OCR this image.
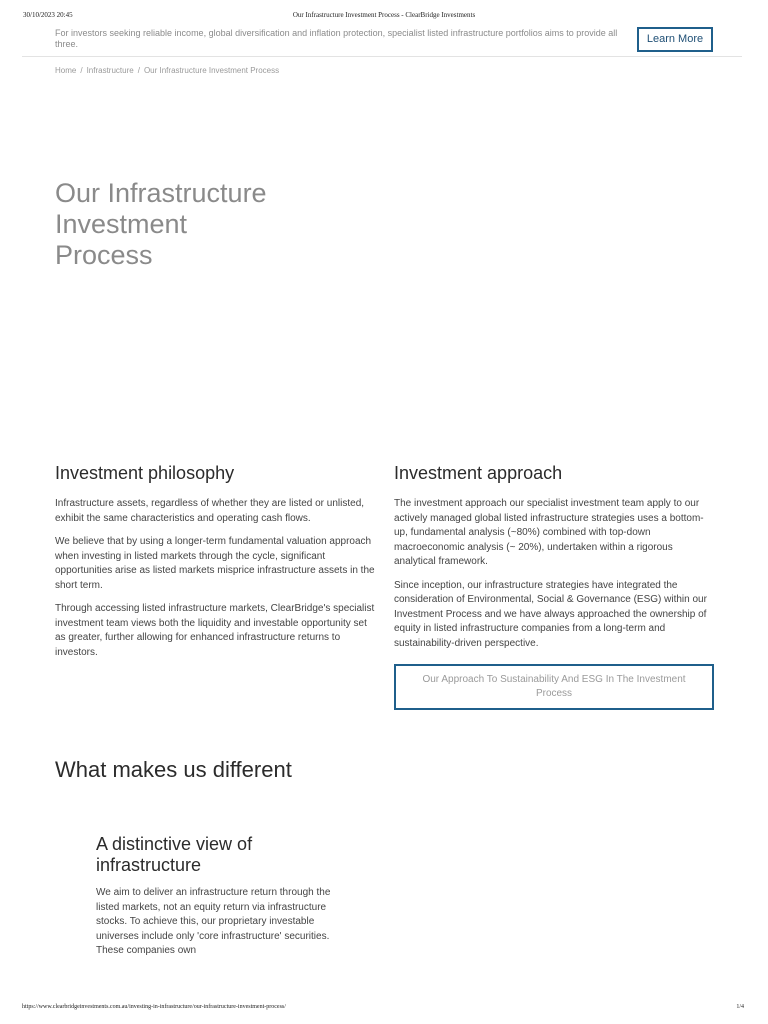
30/10/2023 20:45	Our Infrastructure Investment Process - ClearBridge Investments
For investors seeking reliable income, global diversification and inflation protection, specialist listed infrastructure portfolios aims to provide all three.	Learn More
Home / Infrastructure / Our Infrastructure Investment Process
Our Infrastructure
Investment
Process
Investment philosophy

Infrastructure assets, regardless of whether they are listed or unlisted, exhibit the same characteristics and operating cash flows.

We believe that by using a longer-term fundamental valuation approach when investing in listed markets through the cycle, significant opportunities arise as listed markets misprice infrastructure assets in the short term.

Through accessing listed infrastructure markets, ClearBridge's specialist investment team views both the liquidity and investable opportunity set as greater, further allowing for enhanced infrastructure returns to investors.

Investment approach

The investment approach our specialist investment team apply to our actively managed global listed infrastructure strategies uses a bottom-up, fundamental analysis (~80%) combined with top-down macroeconomic analysis (~ 20%), undertaken within a rigorous analytical framework.

Since inception, our infrastructure strategies have integrated the consideration of Environmental, Social & Governance (ESG) within our Investment Process and we have always approached the ownership of equity in listed infrastructure companies from a long-term and sustainability-driven perspective.

Our Approach To Sustainability And ESG In The Investment Process
What makes us different
A distinctive view of
infrastructure

We aim to deliver an infrastructure return through the listed markets, not an equity return via infrastructure stocks. To achieve this, our proprietary investable universes include only 'core infrastructure' securities. These companies own

https://www.clearbridgeinvestments.com.au/investing-in-infrastructure/our-infrastructure-investment-process/	1/4
